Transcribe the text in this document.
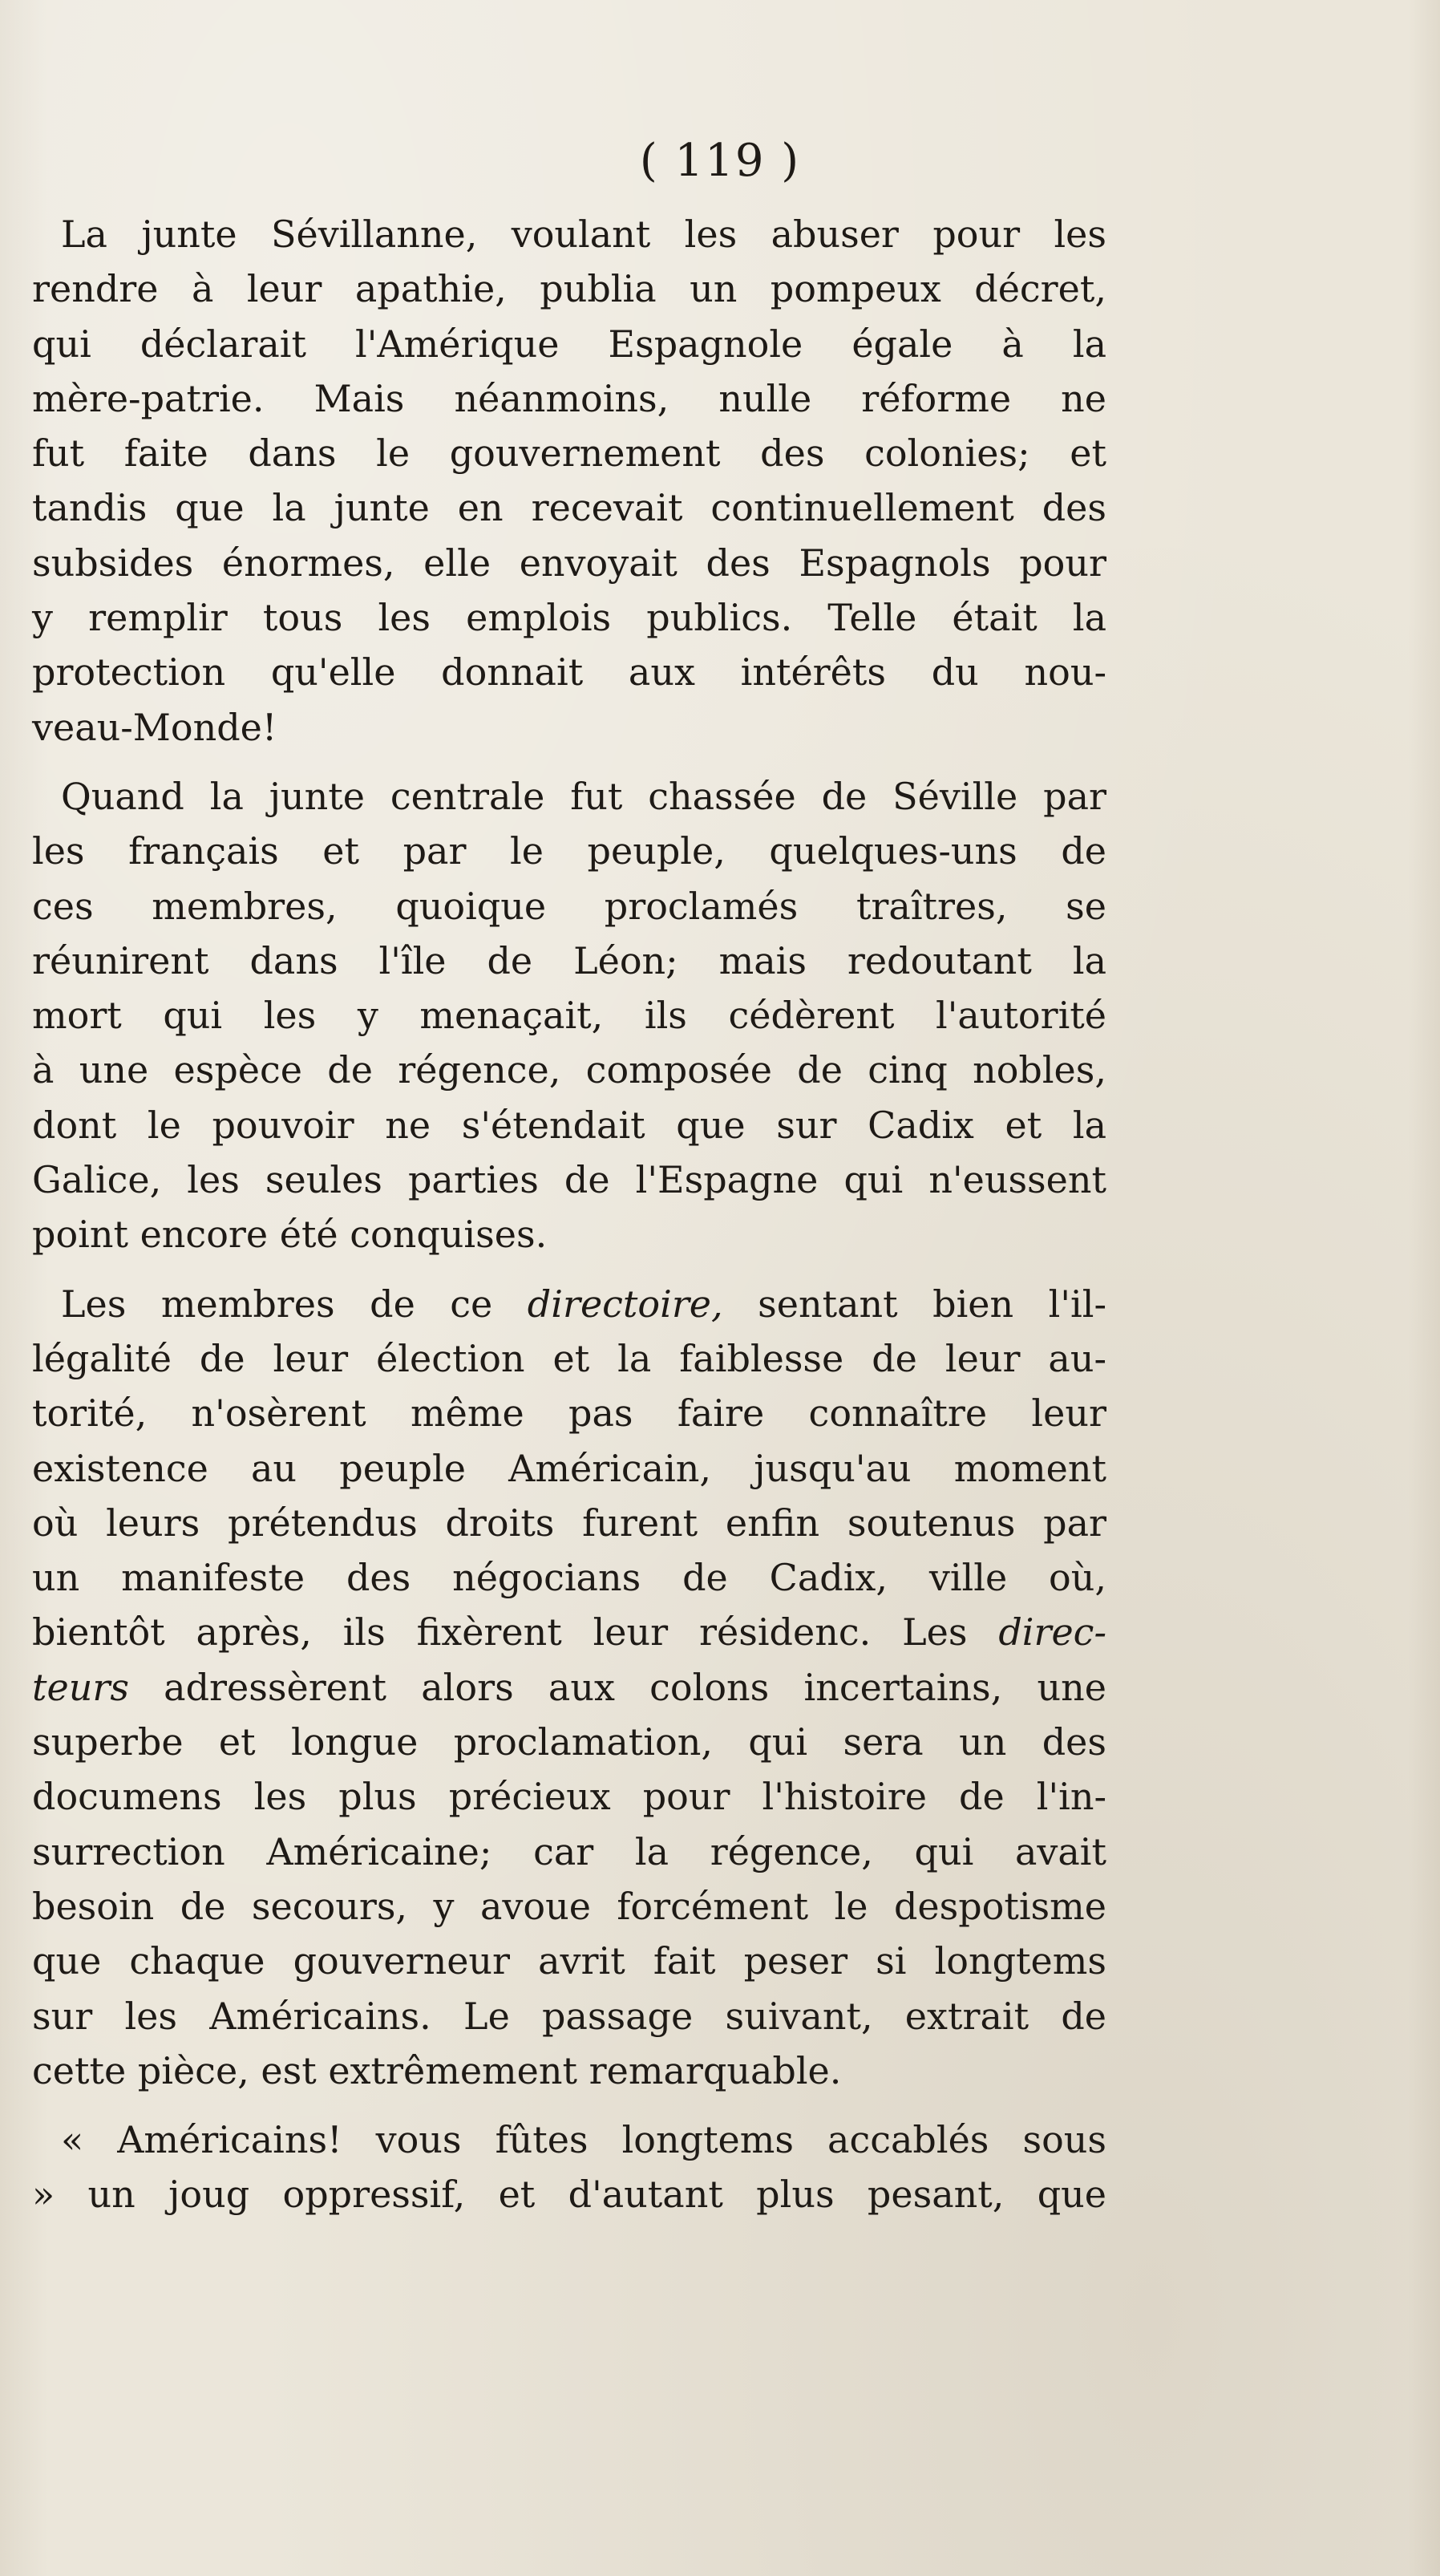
( 119 )
La junte Sévillanne, voulant les abuser pour les
rendre à leur apathie, publia un pompeux décret,
qui déclarait l'Amérique Espagnole égale à la
mère-patrie. Mais néanmoins, nulle réforme ne
fut faite dans le gouvernement des colonies; et
tandis que la junte en recevait continuellement des
subsides énormes, elle envoyait des Espagnols pour
y remplir tous les emplois publics. Telle était la
protection qu'elle donnait aux intérêts du nou-
veau-Monde!
Quand la junte centrale fut chassée de Séville par
les français et par le peuple, quelques-uns de
ces membres, quoique proclamés traîtres, se
réunirent dans l'île de Léon; mais redoutant la
mort qui les y menaçait, ils cédèrent l'autorité
à une espèce de régence, composée de cinq nobles,
dont le pouvoir ne s'étendait que sur Cadix et la
Galice, les seules parties de l'Espagne qui n'eussent
point encore été conquises.
Les membres de ce directoire, sentant bien l'il-
légalité de leur élection et la faiblesse de leur au-
torité, n'osèrent même pas faire connaître leur
existence au peuple Américain, jusqu'au moment
où leurs prétendus droits furent enfin soutenus par
un manifeste des négocians de Cadix, ville où,
bientôt après, ils fixèrent leur résidenc. Les direc-
teurs adressèrent alors aux colons incertains, une
superbe et longue proclamation, qui sera un des
documens les plus précieux pour l'histoire de l'in-
surrection Américaine; car la régence, qui avait
besoin de secours, y avoue forcément le despotisme
que chaque gouverneur avrit fait peser si longtems
sur les Américains. Le passage suivant, extrait de
cette pièce, est extrêmement remarquable.
« Américains! vous fûtes longtems accablés sous
» un joug oppressif, et d'autant plus pesant, que
